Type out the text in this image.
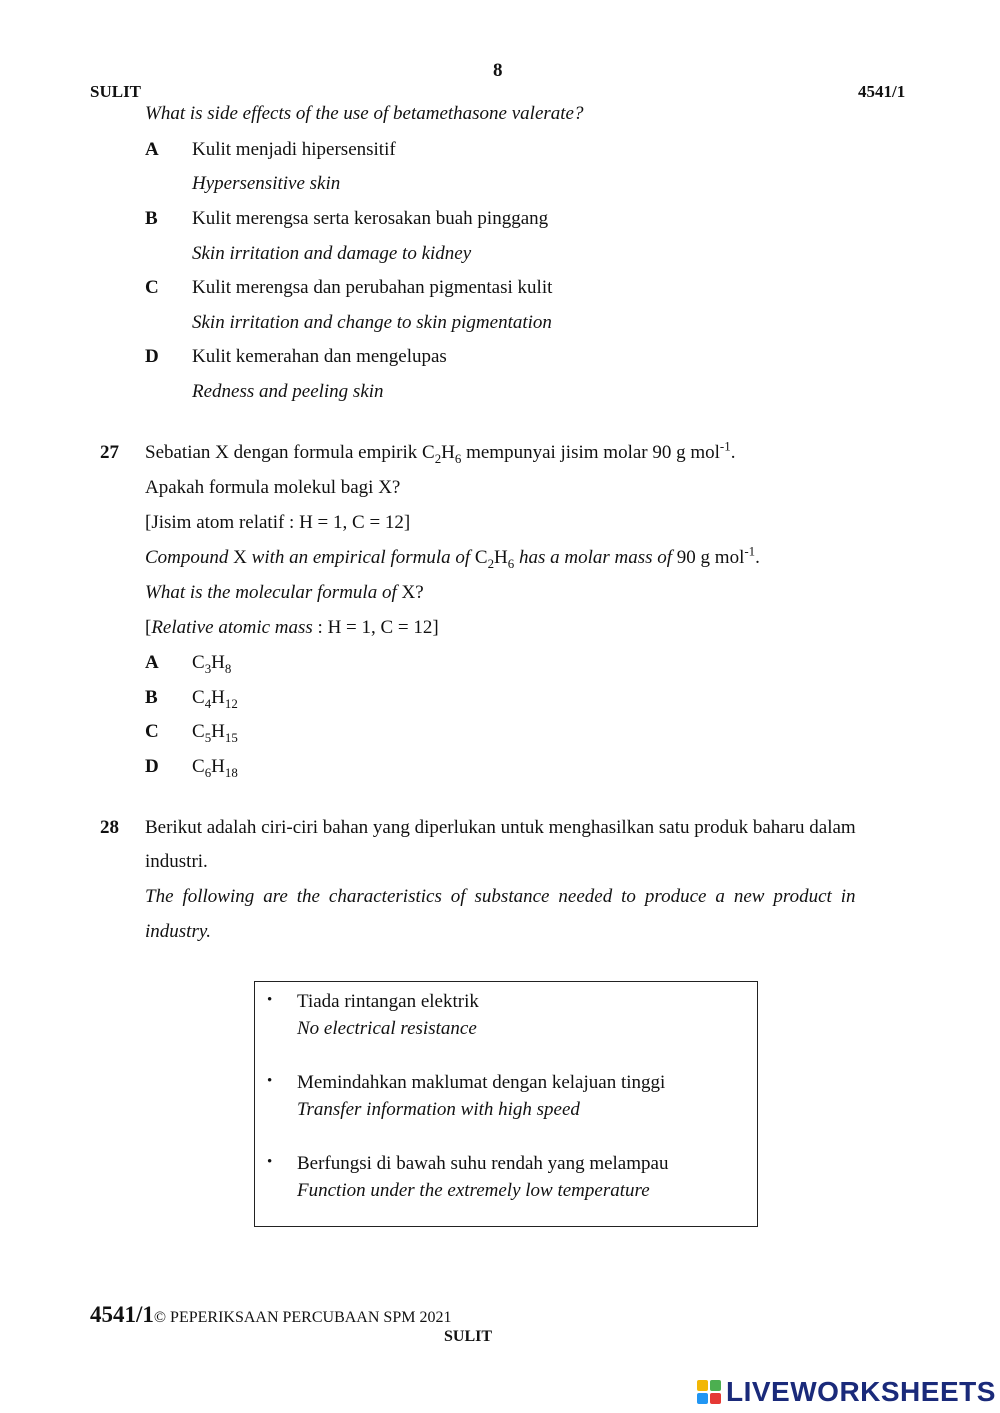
8
SULIT	4541/1
What is side effects of the use of betamethasone valerate?
A Kulit menjadi hipersensitif
Hypersensitive skin
B Kulit merengsa serta kerosakan buah pinggang
Skin irritation and damage to kidney
C Kulit merengsa dan perubahan pigmentasi kulit
Skin irritation and change to skin pigmentation
D Kulit kemerahan dan mengelupas
Redness and peeling skin
27 Sebatian X dengan formula empirik $C_2H_6$ mempunyai jisim molar 90 g mol$^{-1}$.
Apakah formula molekul bagi X?
[Jisim atom relatif : H = 1, C = 12]
Compound X with an empirical formula of $C_2H_6$ has a molar mass of 90 g mol$^{-1}$.
What is the molecular formula of X?
[Relative atomic mass : H = 1, C = 12]
A $C_3H_8$
B $C_4H_{12}$
C $C_5H_{15}$
D $C_6H_{18}$
28 Berikut adalah ciri-ciri bahan yang diperlukan untuk menghasilkan satu produk baharu dalam
industri.
The following are the characteristics of substance needed to produce a new product in
industry.
• Tiada rintangan elektrik
No electrical resistance
• Memindahkan maklumat dengan kelajuan tinggi
Transfer information with high speed
• Berfungsi di bawah suhu rendah yang melampau
Function under the extremely low temperature
4541/1© PEPERIKSAAN PERCUBAAN SPM 2021
SULIT
LIVEWORKSHEETS
